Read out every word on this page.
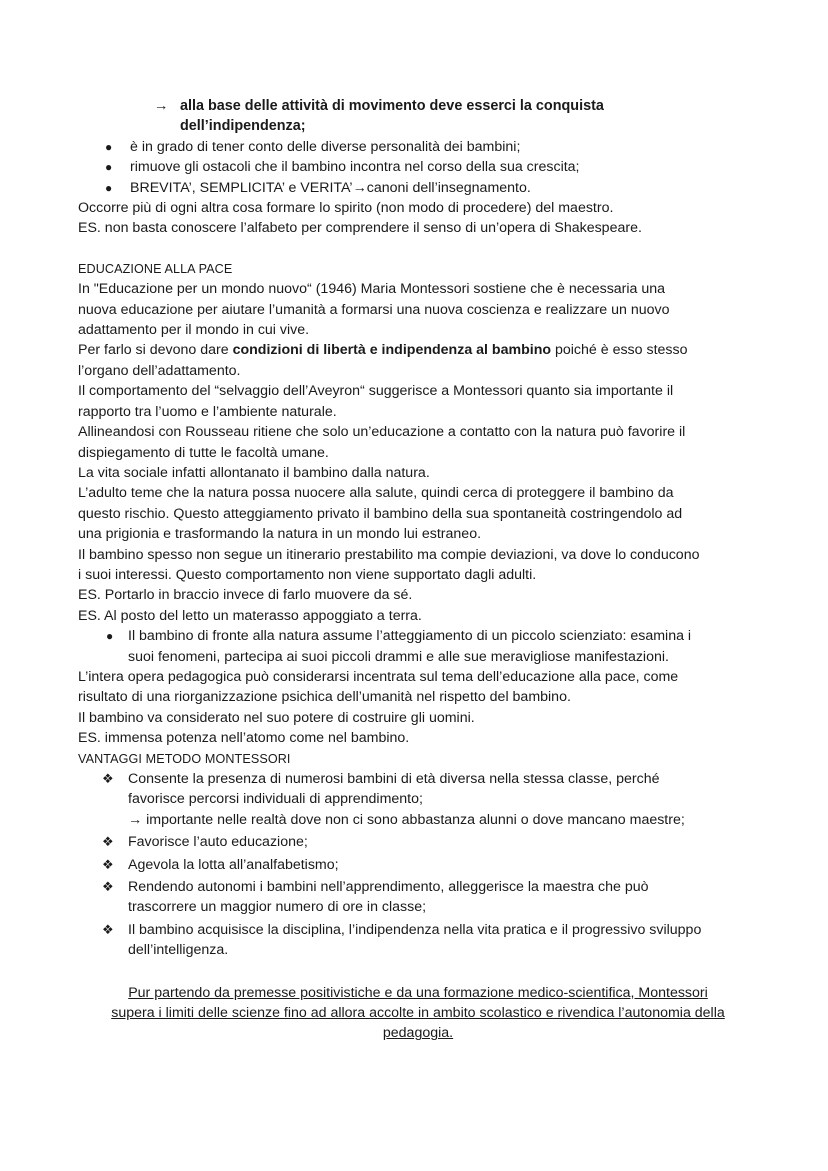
→ alla base delle attività di movimento deve esserci la conquista
dell’indipendenza;
● è in grado di tener conto delle diverse personalità dei bambini;
● rimuove gli ostacoli che il bambino incontra nel corso della sua crescita;
● BREVITA’, SEMPLICITA’ e VERITA’→canoni dell’insegnamento.
Occorre più di ogni altra cosa formare lo spirito (non modo di procedere) del maestro.
ES. non basta conoscere l’alfabeto per comprendere il senso di un’opera di Shakespeare.
EDUCAZIONE ALLA PACE
In "Educazione per un mondo nuovo“ (1946) Maria Montessori sostiene che è necessaria una
nuova educazione per aiutare l’umanità a formarsi una nuova coscienza e realizzare un nuovo
adattamento per il mondo in cui vive.
Per farlo si devono dare condizioni di libertà e indipendenza al bambino poiché è esso stesso
l’organo dell’adattamento.
Il comportamento del “selvaggio dell’Aveyron“ suggerisce a Montessori quanto sia importante il
rapporto tra l’uomo e l’ambiente naturale.
Allineandosi con Rousseau ritiene che solo un’educazione a contatto con la natura può favorire il
dispiegamento di tutte le facoltà umane.
La vita sociale infatti allontanato il bambino dalla natura.
L’adulto teme che la natura possa nuocere alla salute, quindi cerca di proteggere il bambino da
questo rischio. Questo atteggiamento privato il bambino della sua spontaneità costringendolo ad
una prigionia e trasformando la natura in un mondo lui estraneo.
Il bambino spesso non segue un itinerario prestabilito ma compie deviazioni, va dove lo conducono
i suoi interessi. Questo comportamento non viene supportato dagli adulti.
ES. Portarlo in braccio invece di farlo muovere da sé.
ES. Al posto del letto un materasso appoggiato a terra.
● Il bambino di fronte alla natura assume l’atteggiamento di un piccolo scienziato: esamina i
suoi fenomeni, partecipa ai suoi piccoli drammi e alle sue meravigliose manifestazioni.
L’intera opera pedagogica può considerarsi incentrata sul tema dell’educazione alla pace, come
risultato di una riorganizzazione psichica dell’umanità nel rispetto del bambino.
Il bambino va considerato nel suo potere di costruire gli uomini.
ES. immensa potenza nell’atomo come nel bambino.
VANTAGGI METODO MONTESSORI
❖ Consente la presenza di numerosi bambini di età diversa nella stessa classe, perché
favorisce percorsi individuali di apprendimento;
→ importante nelle realtà dove non ci sono abbastanza alunni o dove mancano maestre;
❖ Favorisce l’auto educazione;
❖ Agevola la lotta all’analfabetismo;
❖ Rendendo autonomi i bambini nell’apprendimento, alleggerisce la maestra che può
trascorrere un maggior numero di ore in classe;
❖ Il bambino acquisisce la disciplina, l’indipendenza nella vita pratica e il progressivo sviluppo
dell’intelligenza.
Pur partendo da premesse positivistiche e da una formazione medico-scientifica, Montessori
supera i limiti delle scienze fino ad allora accolte in ambito scolastico e rivendica l’autonomia della
pedagogia.
